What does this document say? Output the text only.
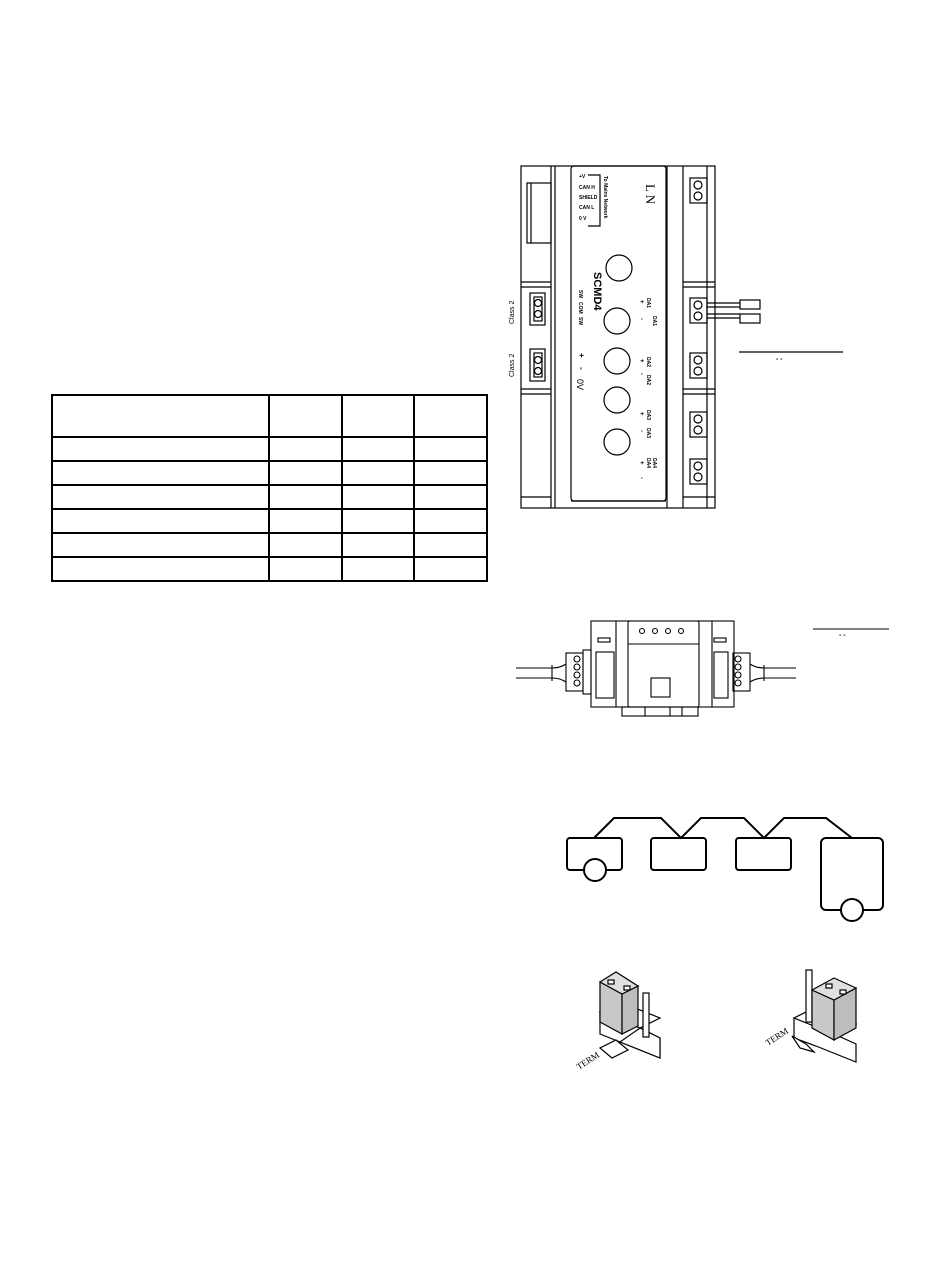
+V
CAN H
SHIELD
CAN L
0 V
To Mains Network	L N
SCMD4
SW
COM
SW
+
-
0V
Class 2
Class 2
DA1
DA1
+
-
DA2
DA2
+
-
DA3
DA3
+
-
DA4 DA4
+
-
- -
- -
TERM
TERM
